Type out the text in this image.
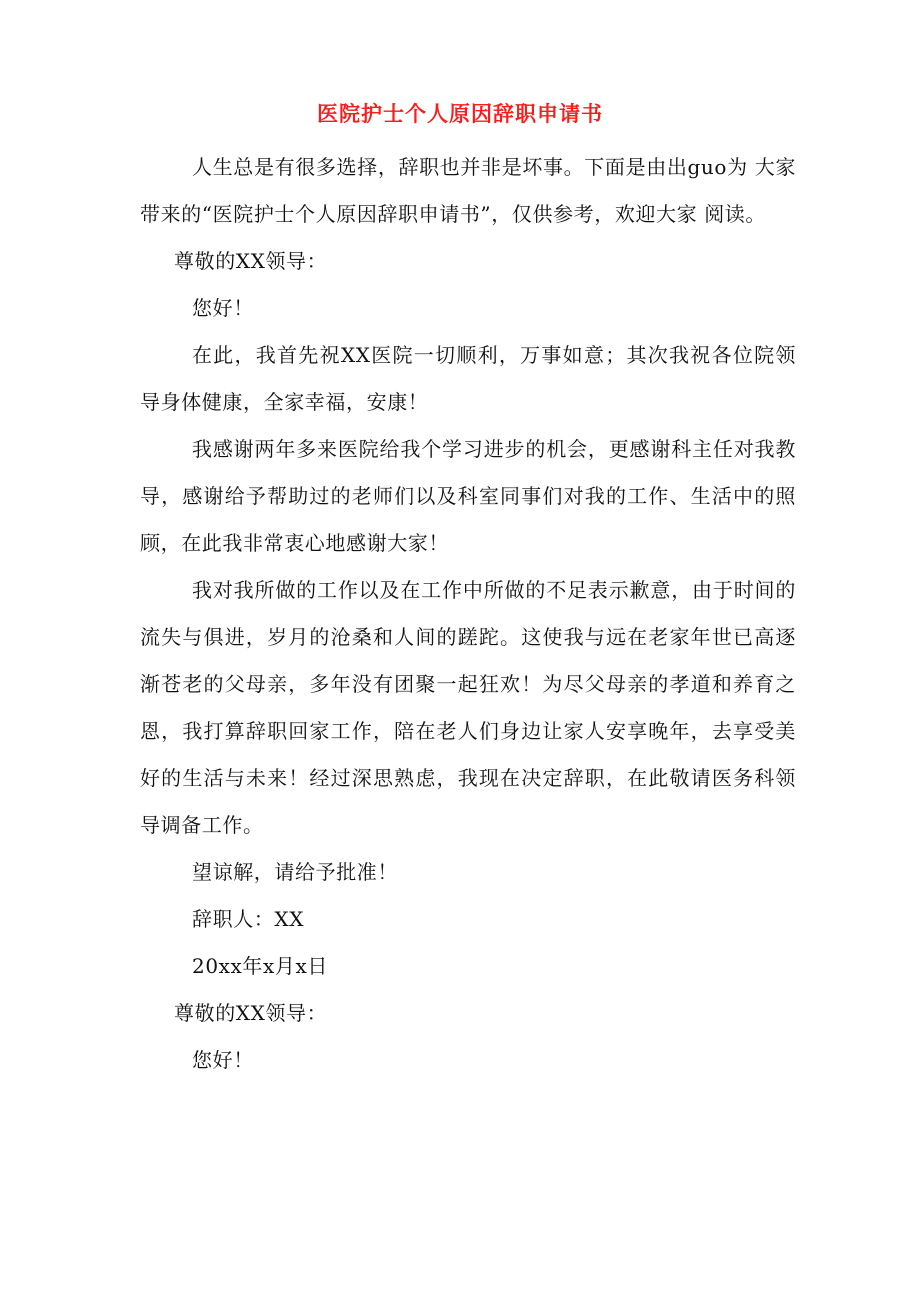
医院护士个人原因辞职申请书

人生总是有很多选择，辞职也并非是坏事。下面是由出guo为 大家带来的“医院护士个人原因辞职申请书”，仅供参考，欢迎大家 阅读。

尊敬的XX领导：

您好！

在此，我首先祝XX医院一切顺利，万事如意；其次我祝各位院领导身体健康，全家幸福，安康！

我感谢两年多来医院给我个学习进步的机会，更感谢科主任对我教导，感谢给予帮助过的老师们以及科室同事们对我的工作、生活中的照顾，在此我非常衷心地感谢大家！

我对我所做的工作以及在工作中所做的不足表示歉意，由于时间的流失与俱进，岁月的沧桑和人间的蹉跎。这使我与远在老家年世已高逐渐苍老的父母亲，多年没有团聚一起狂欢！为尽父母亲的孝道和养育之恩，我打算辞职回家工作，陪在老人们身边让家人安享晚年，去享受美好的生活与未来！经过深思熟虑，我现在决定辞职，在此敬请医务科领导调备工作。

望谅解，请给予批准！

辞职人：XX

20xx年x月x日

尊敬的XX领导：

您好！
